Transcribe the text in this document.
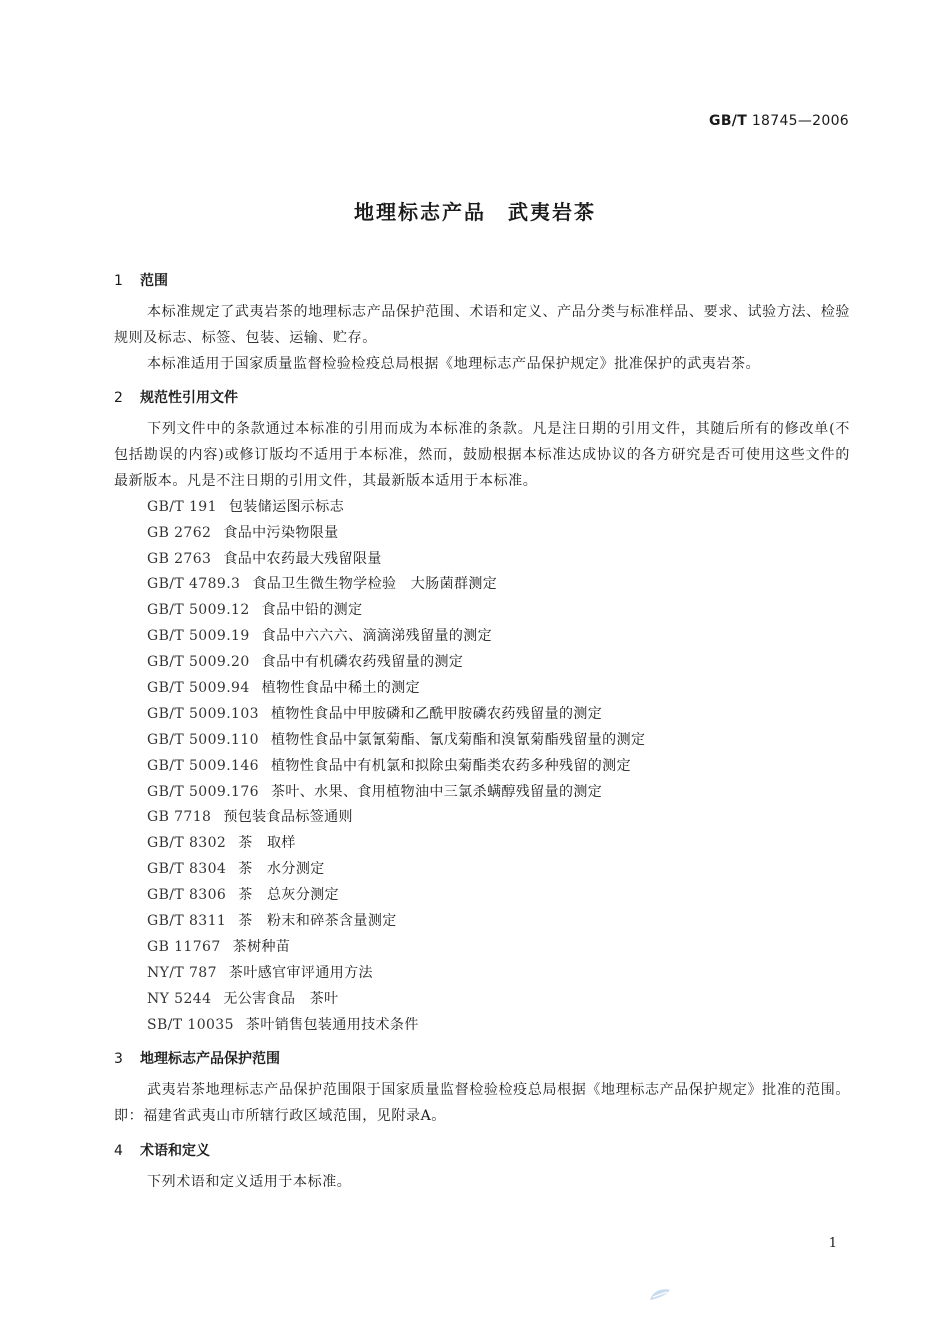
GB/T 18745—2006
地理标志产品　武夷岩茶
1 范围
本标准规定了武夷岩茶的地理标志产品保护范围、术语和定义、产品分类与标准样品、要求、试验方法、检验规则及标志、标签、包装、运输、贮存。
本标准适用于国家质量监督检验检疫总局根据《地理标志产品保护规定》批准保护的武夷岩茶。
2 规范性引用文件
下列文件中的条款通过本标准的引用而成为本标准的条款。凡是注日期的引用文件，其随后所有的修改单(不包括勘误的内容)或修订版均不适用于本标准，然而，鼓励根据本标准达成协议的各方研究是否可使用这些文件的最新版本。凡是不注日期的引用文件，其最新版本适用于本标准。
GB/T 191 包装储运图示标志
GB 2762 食品中污染物限量
GB 2763 食品中农药最大残留限量
GB/T 4789.3 食品卫生微生物学检验　大肠菌群测定
GB/T 5009.12 食品中铅的测定
GB/T 5009.19 食品中六六六、滴滴涕残留量的测定
GB/T 5009.20 食品中有机磷农药残留量的测定
GB/T 5009.94 植物性食品中稀土的测定
GB/T 5009.103 植物性食品中甲胺磷和乙酰甲胺磷农药残留量的测定
GB/T 5009.110 植物性食品中氯氰菊酯、氰戊菊酯和溴氰菊酯残留量的测定
GB/T 5009.146 植物性食品中有机氯和拟除虫菊酯类农药多种残留的测定
GB/T 5009.176 茶叶、水果、食用植物油中三氯杀螨醇残留量的测定
GB 7718 预包装食品标签通则
GB/T 8302 茶　取样
GB/T 8304 茶　水分测定
GB/T 8306 茶　总灰分测定
GB/T 8311 茶　粉末和碎茶含量测定
GB 11767 茶树种苗
NY/T 787 茶叶感官审评通用方法
NY 5244 无公害食品　茶叶
SB/T 10035 茶叶销售包装通用技术条件
3 地理标志产品保护范围
武夷岩茶地理标志产品保护范围限于国家质量监督检验检疫总局根据《地理标志产品保护规定》批准的范围。即：福建省武夷山市所辖行政区域范围，见附录A。
4 术语和定义
下列术语和定义适用于本标准。
1
